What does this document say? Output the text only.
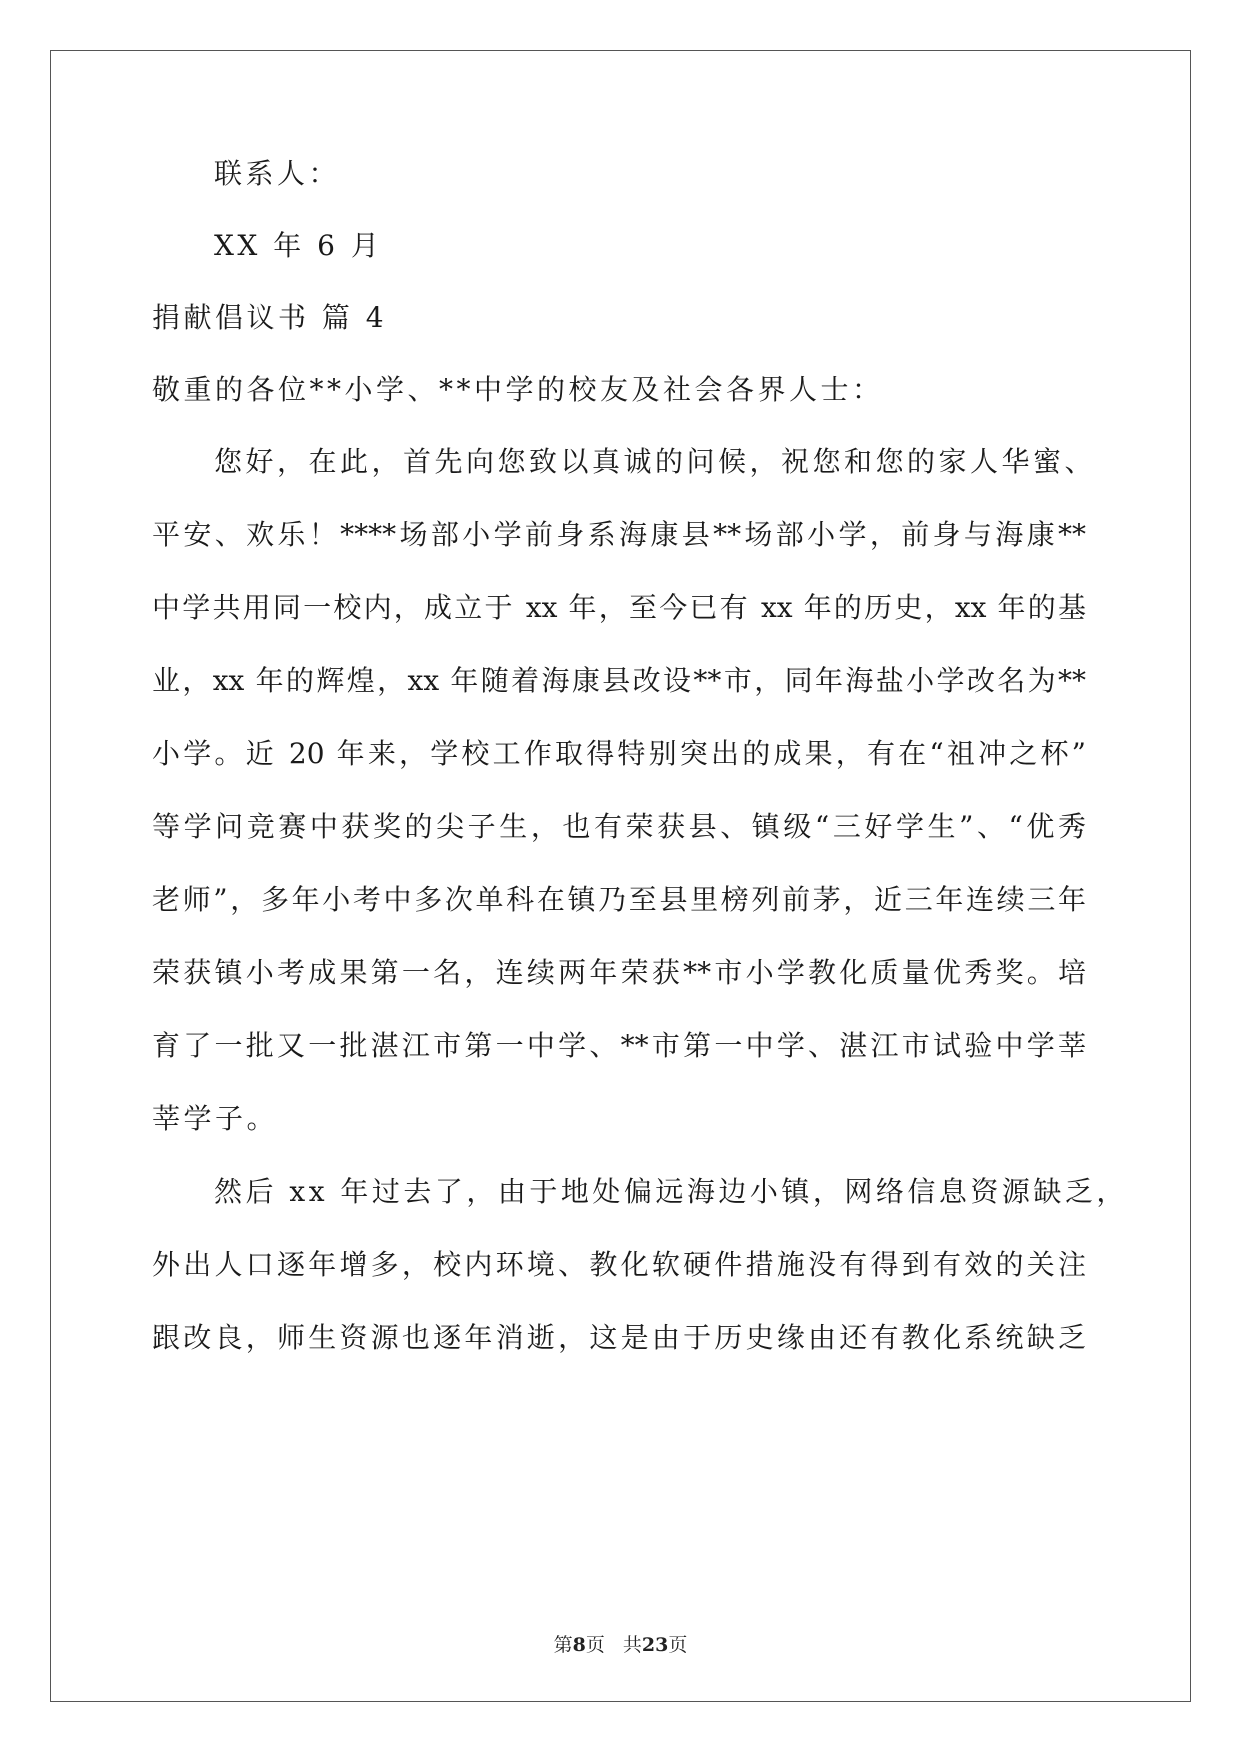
联系人：
XX 年 6 月
捐献倡议书 篇 4
敬重的各位**小学、**中学的校友及社会各界人士：
您好，在此，首先向您致以真诚的问候，祝您和您的家人华蜜、
平安、欢乐！****场部小学前身系海康县**场部小学，前身与海康**
中学共用同一校内，成立于 xx 年，至今已有 xx 年的历史，xx 年的基
业，xx 年的辉煌，xx 年随着海康县改设**市，同年海盐小学改名为**
小学。近 20 年来，学校工作取得特别突出的成果，有在“祖冲之杯”
等学问竞赛中获奖的尖子生，也有荣获县、镇级“三好学生”、“优秀
老师”，多年小考中多次单科在镇乃至县里榜列前茅，近三年连续三年
荣获镇小考成果第一名，连续两年荣获**市小学教化质量优秀奖。培
育了一批又一批湛江市第一中学、**市第一中学、湛江市试验中学莘
莘学子。
然后 xx 年过去了，由于地处偏远海边小镇，网络信息资源缺乏，
外出人口逐年增多，校内环境、教化软硬件措施没有得到有效的关注
跟改良，师生资源也逐年消逝，这是由于历史缘由还有教化系统缺乏
第8页 共23页
